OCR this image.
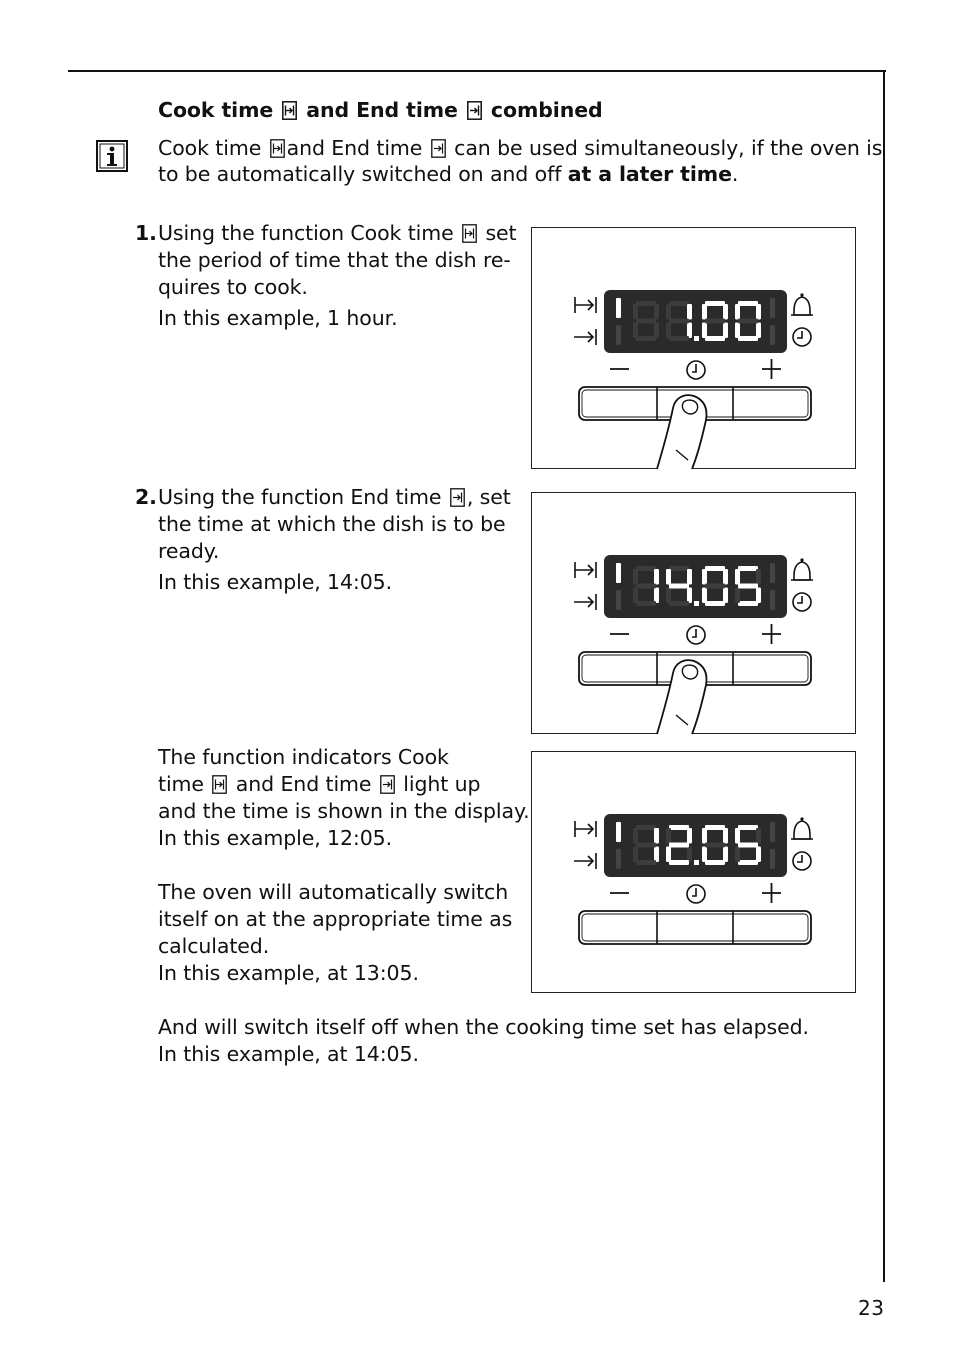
Cook time and End time combined
Cook time and End time can be used simultaneously, if the oven is
to be automatically switched on and off at a later time.
1. Using the function Cook time set
the period of time that the dish re-
quires to cook.
In this example, 1 hour.
2. Using the function End time , set
the time at which the dish is to be
ready.
In this example, 14:05.
The function indicators Cook
time and End time light up
and the time is shown in the display.
In this example, 12:05.
The oven will automatically switch
itself on at the appropriate time as
calculated.
In this example, at 13:05.
And will switch itself off when the cooking time set has elapsed.
In this example, at 14:05.
23
